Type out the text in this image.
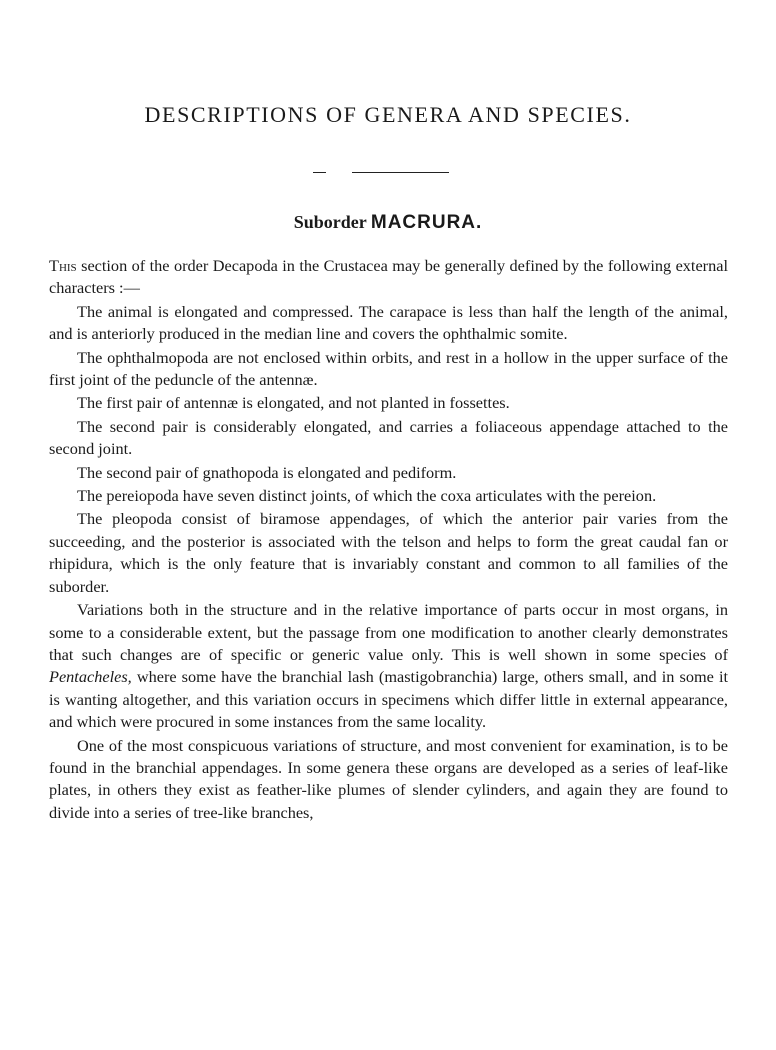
DESCRIPTIONS OF GENERA AND SPECIES.
Suborder MACRURA.

This section of the order Decapoda in the Crustacea may be generally defined by the following external characters :—

The animal is elongated and compressed. The carapace is less than half the length of the animal, and is anteriorly produced in the median line and covers the ophthalmic somite.

The ophthalmopoda are not enclosed within orbits, and rest in a hollow in the upper surface of the first joint of the peduncle of the antennæ.

The first pair of antennæ is elongated, and not planted in fossettes.

The second pair is considerably elongated, and carries a foliaceous appendage attached to the second joint.

The second pair of gnathopoda is elongated and pediform.

The pereiopoda have seven distinct joints, of which the coxa articulates with the pereion.

The pleopoda consist of biramose appendages, of which the anterior pair varies from the succeeding, and the posterior is associated with the telson and helps to form the great caudal fan or rhipidura, which is the only feature that is invariably constant and common to all families of the suborder.

Variations both in the structure and in the relative importance of parts occur in most organs, in some to a considerable extent, but the passage from one modification to another clearly demonstrates that such changes are of specific or generic value only. This is well shown in some species of Pentacheles, where some have the branchial lash (mastigobranchia) large, others small, and in some it is wanting altogether, and this variation occurs in specimens which differ little in external appearance, and which were procured in some instances from the same locality.

One of the most conspicuous variations of structure, and most convenient for examination, is to be found in the branchial appendages. In some genera these organs are developed as a series of leaf-like plates, in others they exist as feather-like plumes of slender cylinders, and again they are found to divide into a series of tree-like branches,
